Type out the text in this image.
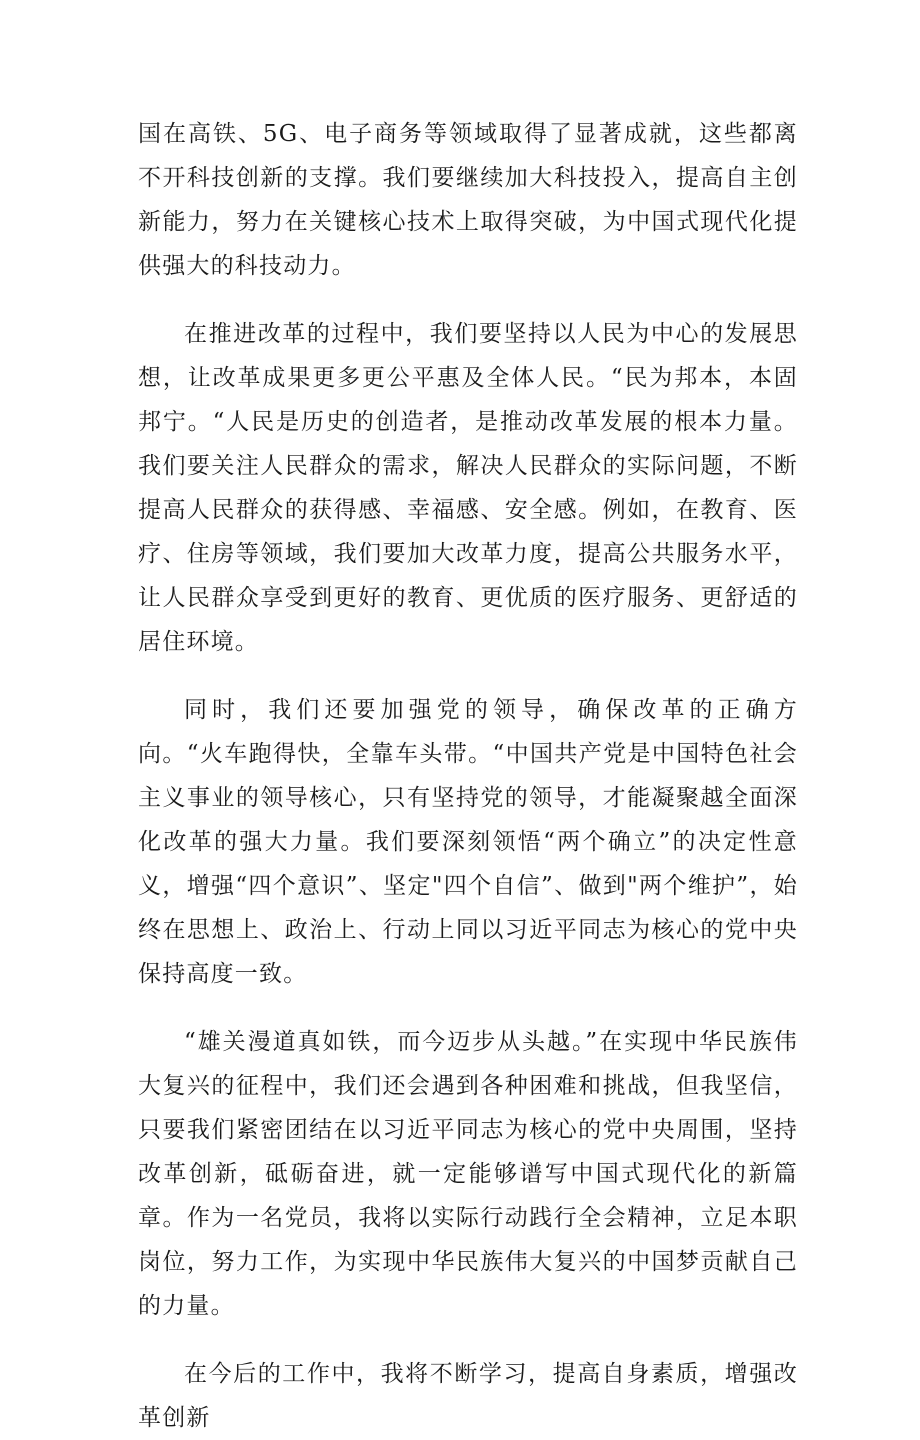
国在高铁、5G、电子商务等领域取得了显著成就，这些都离不开科技创新的支撑。我们要继续加大科技投入，提高自主创新能力，努力在关键核心技术上取得突破，为中国式现代化提供强大的科技动力。

在推进改革的过程中，我们要坚持以人民为中心的发展思想，让改革成果更多更公平惠及全体人民。“民为邦本，本固邦宁。“人民是历史的创造者，是推动改革发展的根本力量。我们要关注人民群众的需求，解决人民群众的实际问题，不断提高人民群众的获得感、幸福感、安全感。例如，在教育、医疗、住房等领域，我们要加大改革力度，提高公共服务水平，让人民群众享受到更好的教育、更优质的医疗服务、更舒适的居住环境。

同时，我们还要加强党的领导，确保改革的正确方向。“火车跑得快，全靠车头带。“中国共产党是中国特色社会主义事业的领导核心，只有坚持党的领导，才能凝聚越全面深化改革的强大力量。我们要深刻领悟“两个确立”的决定性意义，增强“四个意识”、坚定"四个自信”、做到"两个维护”，始终在思想上、政治上、行动上同以习近平同志为核心的党中央保持高度一致。

“雄关漫道真如铁，而今迈步从头越。”在实现中华民族伟大复兴的征程中，我们还会遇到各种困难和挑战，但我坚信，只要我们紧密团结在以习近平同志为核心的党中央周围，坚持改革创新，砥砺奋进，就一定能够谱写中国式现代化的新篇章。作为一名党员，我将以实际行动践行全会精神，立足本职岗位，努力工作，为实现中华民族伟大复兴的中国梦贡献自己的力量。

在今后的工作中，我将不断学习，提高自身素质，增强改革创新
